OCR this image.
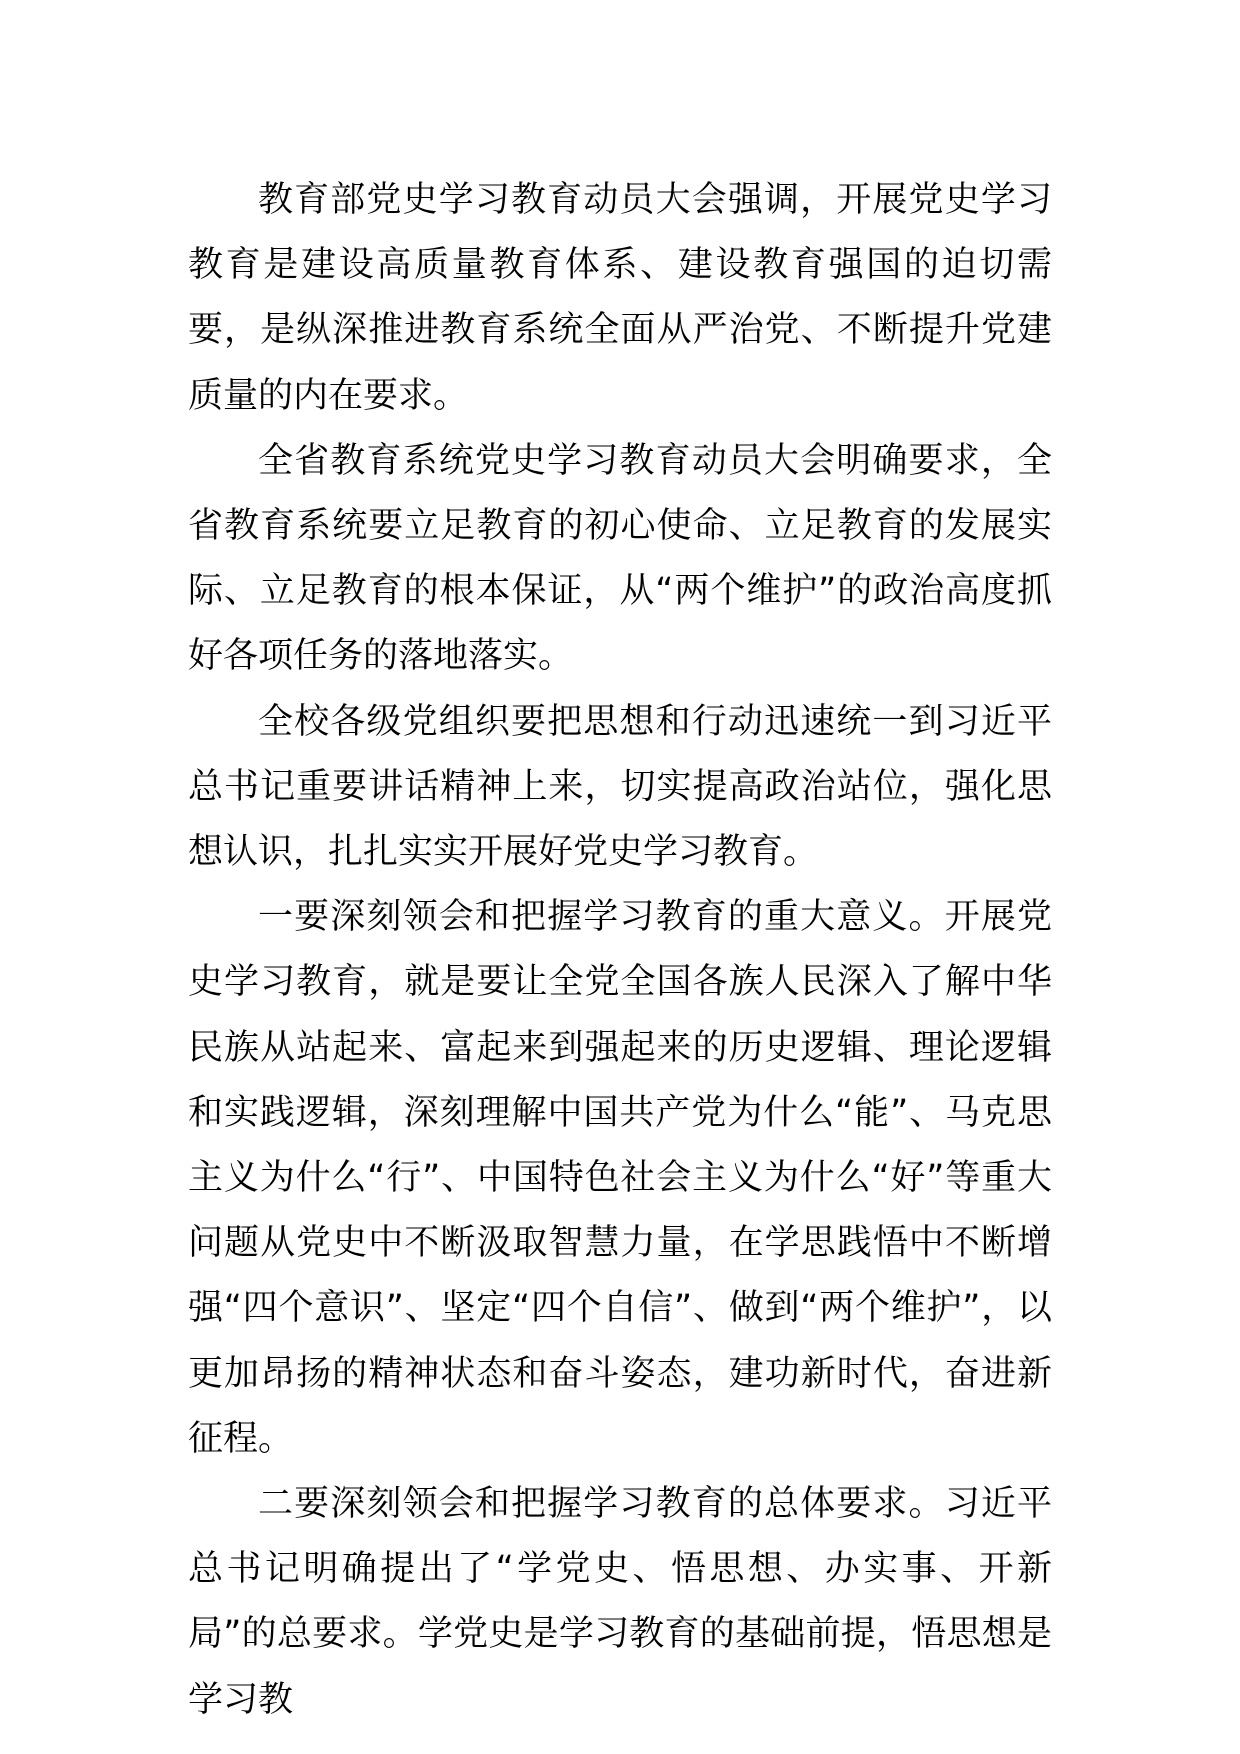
教育部党史学习教育动员大会强调，开展党史学习教育是建设高质量教育体系、建设教育强国的迫切需要，是纵深推进教育系统全面从严治党、不断提升党建质量的内在要求。

全省教育系统党史学习教育动员大会明确要求，全省教育系统要立足教育的初心使命、立足教育的发展实际、立足教育的根本保证，从“两个维护”的政治高度抓好各项任务的落地落实。

全校各级党组织要把思想和行动迅速统一到习近平总书记重要讲话精神上来，切实提高政治站位，强化思想认识，扎扎实实开展好党史学习教育。

一要深刻领会和把握学习教育的重大意义。开展党史学习教育，就是要让全党全国各族人民深入了解中华民族从站起来、富起来到强起来的历史逻辑、理论逻辑和实践逻辑，深刻理解中国共产党为什么“能”、马克思主义为什么“行”、中国特色社会主义为什么“好”等重大问题从党史中不断汲取智慧力量，在学思践悟中不断增强“四个意识”、坚定“四个自信”、做到“两个维护”，以更加昂扬的精神状态和奋斗姿态，建功新时代，奋进新征程。

二要深刻领会和把握学习教育的总体要求。习近平总书记明确提出了“学党史、悟思想、办实事、开新局”的总要求。学党史是学习教育的基础前提，悟思想是学习教
